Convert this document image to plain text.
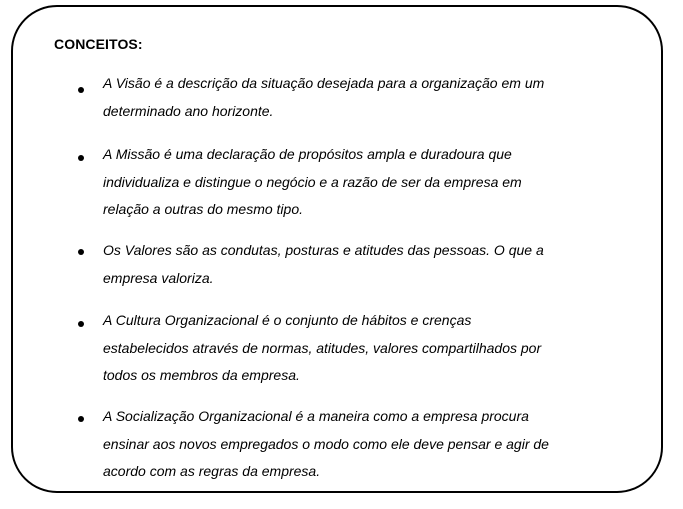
CONCEITOS:

A Visão é a descrição da situação desejada para a organização em um
determinado ano horizonte.

A Missão é uma declaração de propósitos ampla e duradoura que
individualiza e distingue o negócio e a razão de ser da empresa em
relação a outras do mesmo tipo.

Os Valores são as condutas, posturas e atitudes das pessoas. O que a
empresa valoriza.

A Cultura Organizacional é o conjunto de hábitos e crenças
estabelecidos através de normas, atitudes, valores compartilhados por
todos os membros da empresa.

A Socialização Organizacional é a maneira como a empresa procura
ensinar aos novos empregados o modo como ele deve pensar e agir de
acordo com as regras da empresa.
